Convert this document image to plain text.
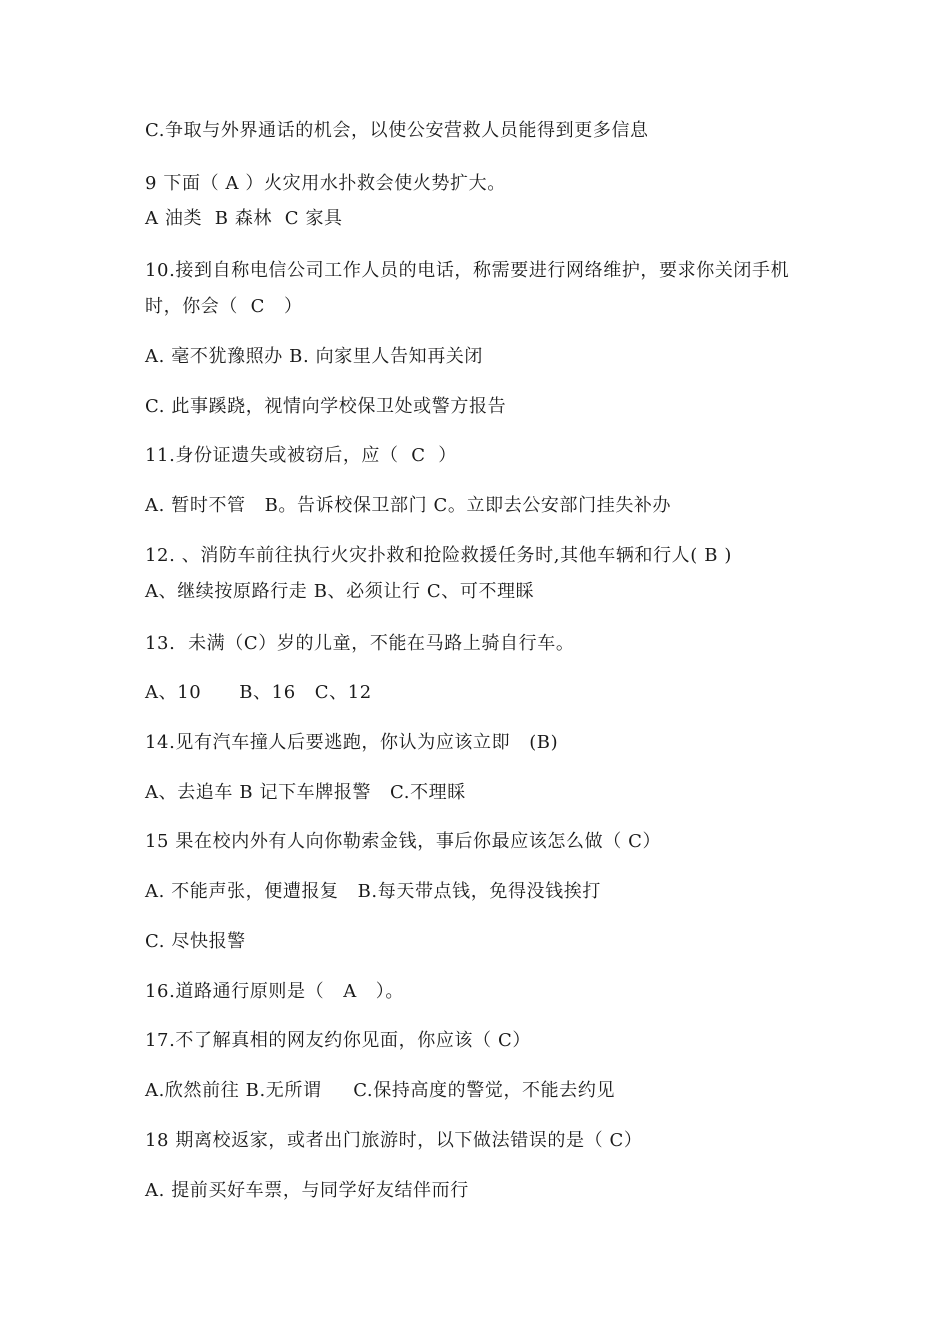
C.争取与外界通话的机会，以使公安营救人员能得到更多信息
9 下面（ A ）火灾用水扑救会使火势扩大。
A 油类  B 森林  C 家具
10.接到自称电信公司工作人员的电话，称需要进行网络维护，要求你关闭手机
时，你会（  C   ）
A. 毫不犹豫照办 B. 向家里人告知再关闭
C. 此事蹊跷，视情向学校保卫处或警方报告
11.身份证遗失或被窃后，应（  C  ）
A. 暂时不管   B。告诉校保卫部门 C。立即去公安部门挂失补办
12. 、消防车前往执行火灾扑救和抢险救援任务时,其他车辆和行人( B )
A、继续按原路行走 B、必须让行 C、可不理睬
13.  未满（C）岁的儿童，不能在马路上骑自行车。
A、10      B、16   C、12
14.见有汽车撞人后要逃跑，你认为应该立即   (B)
A、去追车 B 记下车牌报警   C.不理睬
15 果在校内外有人向你勒索金钱，事后你最应该怎么做（ C）
A. 不能声张，便遭报复   B.每天带点钱，免得没钱挨打
C. 尽快报警
16.道路通行原则是（   A   ）。
17.不了解真相的网友约你见面，你应该（ C）
A.欣然前往 B.无所谓     C.保持高度的警觉，不能去约见
18 期离校返家，或者出门旅游时，以下做法错误的是（ C）
A. 提前买好车票，与同学好友结伴而行
